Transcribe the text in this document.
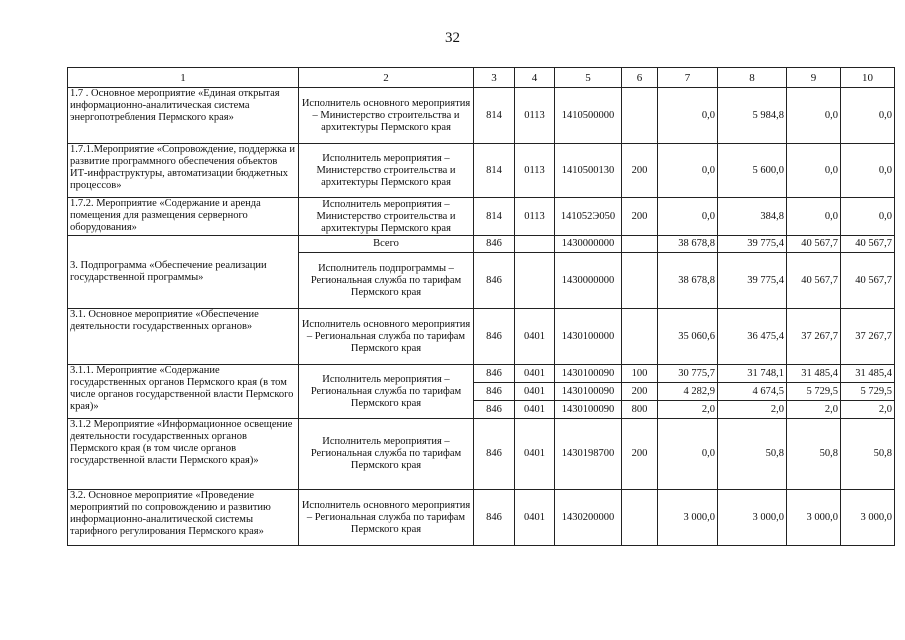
32
1	2	3	4	5	6	7	8	9	10
1.7 . Основное мероприятие «Единая открытая информационно-аналитическая система энергопотребления Пермского края»	Исполнитель основного мероприятия – Министерство строительства и архитектуры Пермского края	814	0113	1410500000		0,0	5 984,8	0,0	0,0
1.7.1.Мероприятие «Сопровождение, поддержка и развитие программного обеспечения объектов ИТ-инфраструктуры, автоматизации бюджетных процессов»	Исполнитель мероприятия – Министерство строительства и архитектуры Пермского края	814	0113	1410500130	200	0,0	5 600,0	0,0	0,0
1.7.2. Мероприятие «Содержание и аренда помещения для размещения серверного оборудования»	Исполнитель мероприятия – Министерство строительства и архитектуры Пермского края	814	0113	141052Э050	200	0,0	384,8	0,0	0,0
3. Подпрограмма «Обеспечение реализации государственной программы»	Всего	846		1430000000		38 678,8	39 775,4	40 567,7	40 567,7
	Исполнитель подпрограммы – Региональная служба по тарифам Пермского края	846		1430000000		38 678,8	39 775,4	40 567,7	40 567,7
3.1. Основное мероприятие «Обеспечение деятельности государственных органов»	Исполнитель основного мероприятия – Региональная служба по тарифам Пермского края	846	0401	1430100000		35 060,6	36 475,4	37 267,7	37 267,7
3.1.1. Мероприятие «Содержание государственных органов Пермского края (в том числе органов государственной власти Пермского края)»	Исполнитель мероприятия – Региональная служба по тарифам Пермского края	846	0401	1430100090	100	30 775,7	31 748,1	31 485,4	31 485,4
		846	0401	1430100090	200	4 282,9	4 674,5	5 729,5	5 729,5
		846	0401	1430100090	800	2,0	2,0	2,0	2,0
3.1.2 Мероприятие «Информационное освещение деятельности государственных органов Пермского края (в том числе органов государственной власти Пермского края)»	Исполнитель мероприятия – Региональная служба по тарифам Пермского края	846	0401	1430198700	200	0,0	50,8	50,8	50,8
3.2. Основное мероприятие «Проведение мероприятий по сопровождению и развитию информационно-аналитической системы тарифного регулирования Пермского края»	Исполнитель основного мероприятия – Региональная служба по тарифам Пермского края	846	0401	1430200000		3 000,0	3 000,0	3 000,0	3 000,0
